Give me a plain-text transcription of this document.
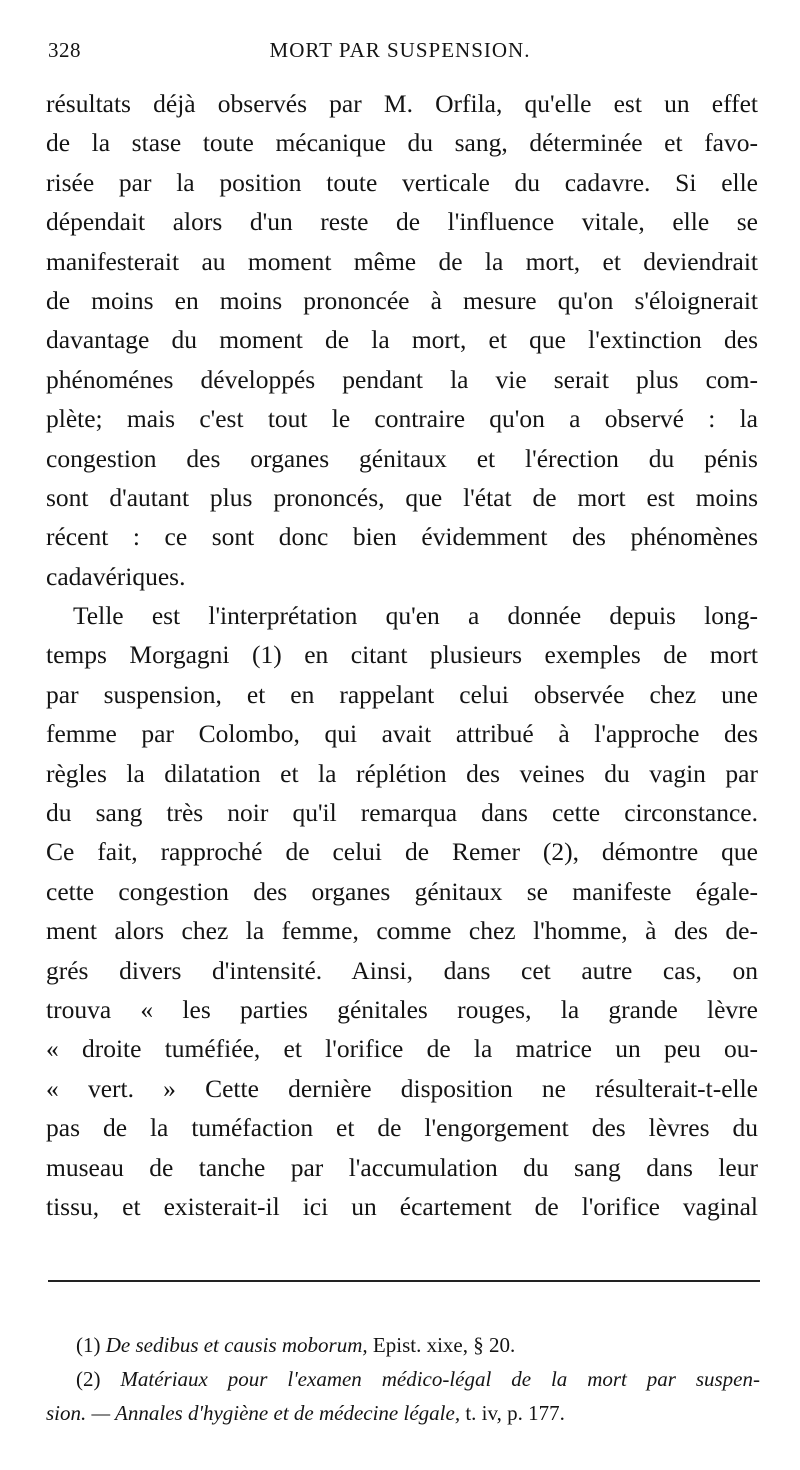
328	MORT PAR SUSPENSION.
résultats déjà observés par M. Orfila, qu'elle est un effet
de la stase toute mécanique du sang, déterminée et favo-
risée par la position toute verticale du cadavre. Si elle
dépendait alors d'un reste de l'influence vitale, elle se
manifesterait au moment même de la mort, et deviendrait
de moins en moins prononcée à mesure qu'on s'éloignerait
davantage du moment de la mort, et que l'extinction des
phénoménes développés pendant la vie serait plus com-
plète; mais c'est tout le contraire qu'on a observé : la
congestion des organes génitaux et l'érection du pénis
sont d'autant plus prononcés, que l'état de mort est moins
récent : ce sont donc bien évidemment des phénomènes
cadavériques.
Telle est l'interprétation qu'en a donnée depuis long-
temps Morgagni (1) en citant plusieurs exemples de mort
par suspension, et en rappelant celui observée chez une
femme par Colombo, qui avait attribué à l'approche des
règles la dilatation et la réplétion des veines du vagin par
du sang très noir qu'il remarqua dans cette circonstance.
Ce fait, rapproché de celui de Remer (2), démontre que
cette congestion des organes génitaux se manifeste égale-
ment alors chez la femme, comme chez l'homme, à des de-
grés divers d'intensité. Ainsi, dans cet autre cas, on
trouva « les parties génitales rouges, la grande lèvre
« droite tuméfiée, et l'orifice de la matrice un peu ou-
« vert. » Cette dernière disposition ne résulterait-t-elle
pas de la tuméfaction et de l'engorgement des lèvres du
museau de tanche par l'accumulation du sang dans leur
tissu, et existerait-il ici un écartement de l'orifice vaginal
(1) De sedibus et causis moborum, Epist. xixe, § 20.
(2) Matériaux pour l'examen médico-légal de la mort par suspen-
sion. — Annales d'hygiène et de médecine légale, t. iv, p. 177.
